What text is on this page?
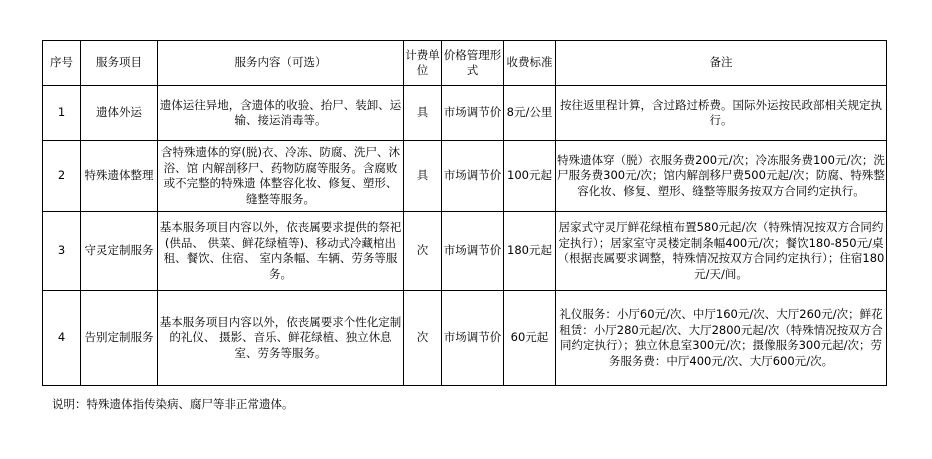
序号	服务项目	服务内容（可选）	计费单位	价格管理形式	收费标准	备注
1	遗体外运	遗体运往异地，含遗体的收验、抬尸、装卸、运输、接运消毒等。	具	市场调节价	8元/公里	按往返里程计算，含过路过桥费。国际外运按民政部相关规定执行。
2	特殊遗体整理	含特殊遗体的穿(脱)衣、冷冻、防腐、洗尸、沐浴、馆 内解剖移尸、药物防腐等服务。含腐败或不完整的特殊遗 体整容化妆、修复、塑形、缝整等服务。	具	市场调节价	100元起	特殊遗体穿（脱）衣服务费200元/次；冷冻服务费100元/次；洗尸服务费300元/次；馆内解剖移尸费500元起/次；防腐、特殊整容化妆、修复、塑形、缝整等服务按双方合同约定执行。
3	守灵定制服务	基本服务项目内容以外，依丧属要求提供的祭祀(供品、 供菜、鲜花绿植等)、移动式冷藏棺出租、餐饮、住宿、 室内条幅、车辆、劳务等服务。	次	市场调节价	180元起	居家式守灵厅鲜花绿植布置580元起/次（特殊情况按双方合同约定执行）；居家室守灵楼定制条幅400元/次；餐饮180-850元/桌（根据丧属要求调整，特殊情况按双方合同约定执行）；住宿180元/天/间。
4	告别定制服务	基本服务项目内容以外，依丧属要求个性化定制的礼仪、 摄影、音乐、鲜花绿植、独立休息室、劳务等服务。	次	市场调节价	60元起	礼仪服务：小厅60元/次、中厅160元/次、大厅260元/次；鲜花租赁：小厅280元起/次、大厅2800元起/次（特殊情况按双方合同约定执行）；独立休息室300元/次；摄像服务300元起/次；劳务服务费：中厅400元/次、大厅600元/次。
说明：特殊遗体指传染病、腐尸等非正常遗体。
